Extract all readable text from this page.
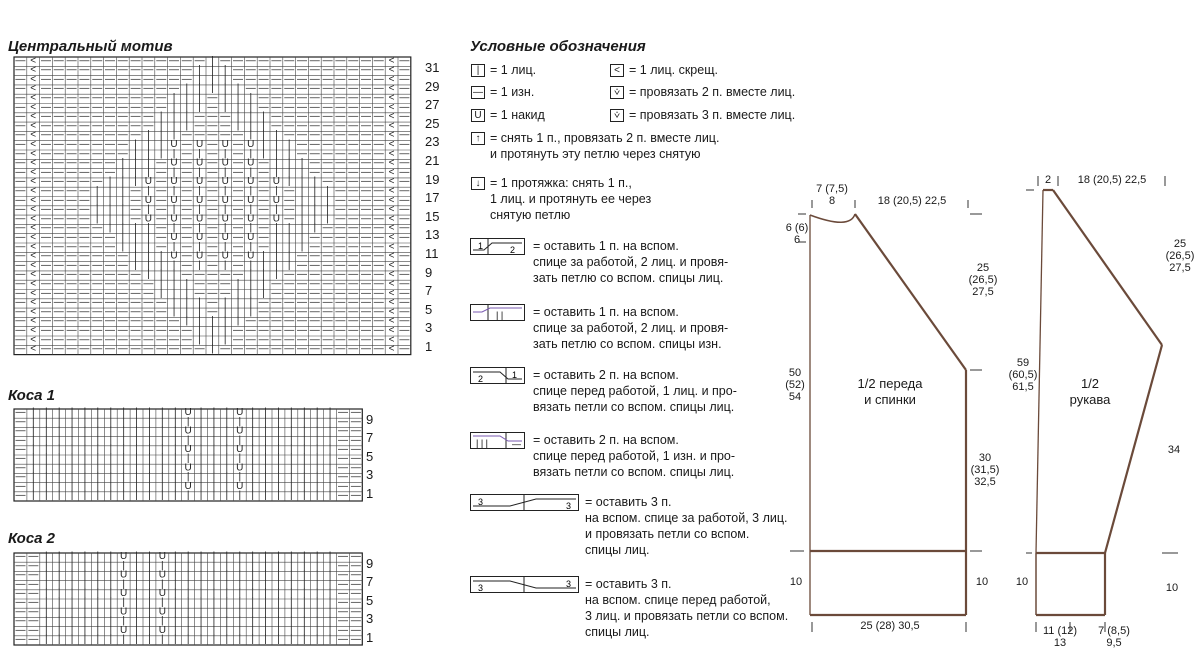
Центральный мотив
Коса 1
Коса 2
Условные обозначения
— < — — — — — — — — — — — — — | — — — — — — — — — — — — — < —
— < — — — — — — — — — — — — | | | — — — — — — — — — — — — < —
— < — — — — — — — — — — — — | | | — — — — — — — — — — — — < —
— < — — — — — — — — — — — | | | | | — — — — — — — — — — — < —
— < — — — — — — — — — — | | | — | | | — — — — — — — — — — < —
— < — — — — — — — — — — | | | — | | | — — — — — — — — — — < —
— < — — — — — — — — — | | | — — — | | | — — — — — — — — — < —
— < — — — — — — — — — | | | — — — | | | — — — — — — — — — < —
— < — — — — — — — — | | | — — — — — | | | — — — — — — — — < —
— < — — — — — — — | | | U — U — U — U | | | — — — — — — — < —
— < — — — — — — — | | | | — | — | — | | | | — — — — — — — < —
— < — — — — — — | | | — U — U — U — U — | | | — — — — — — < —
— < — — — — — — | | | — | — | — | — | — | | | — — — — — — < —
— < — — — — — | | | U — U — U — U — U — U | | | — — — — — < —
— < — — — — | | | — | — | — | — | — | — | — | | | — — — — < —
— < — — — — | | | — U — U — U — U — U — U — | | | — — — — < —
— < — — — — | | | — | — | — | — | — | — | — | | | — — — — < —
— < — — — — | | | — U — U — U — U — U — U — | | | — — — — < —
— < — — — — — | | | | — | — | — | — | — | | | | — — — — — < —
— < — — — — — — | | | — U — U — U — U — | | | — — — — — — < —
— < — — — — — — | | | — | — | — | — | — | | | — — — — — — < —
— < — — — — — — — | | | U — U — U — U | | | — — — — — — — < —
— < — — — — — — — | | | | — | — | — | | | | — — — — — — — < —
— < — — — — — — — — | | | — — — — — | | | — — — — — — — — < —
— < — — — — — — — — — | | | — — — | | | — — — — — — — — — < —
— < — — — — — — — — — | | | — — — | | | — — — — — — — — — < —
— < — — — — — — — — — — | | | — | | | — — — — — — — — — — < —
— < — — — — — — — — — — | | | — | | | — — — — — — — — — — < —
— < — — — — — — — — — — — | | | | | — — — — — — — — — — — < —
— < — — — — — — — — — — — — | | | — — — — — — — — — — — — < —
— < — — — — — — — — — — — — | | | — — — — — — — — — — — — < —
— < — — — — — — — — — — — — — | — — — — — — — — — — — — — < —
— | | | | | | | | | | | | U | | | U | | | | | | | — —
— | | | | | | | | | | | | | | | | | | | | | | | | — —
— | | | | | | | | | | | | U | | | U | | | | | | | — —
— | | | | | | | | | | | | | | | | | | | | | | | | — —
— | | | | | | | | | | | | U | | | U | | | | | | | — —
— | | | | | | | | | | | | | | | | | | | | | | | | — —
— | | | | | | | | | | | | U | | | U | | | | | | | — —
— | | | | | | | | | | | | | | | | | | | | | | | | — —
— | | | | | | | | | | | | U | | | U | | | | | | | — —
— | | | | | | | | | | | | | | | | | | | | | | | | — —
— — | | | | | | U | | U | | | | | | | | | | | | | — —
— — | | | | | | | | | | | | | | | | | | | | | | | — —
— — | | | | | | U | | U | | | | | | | | | | | | | — —
— — | | | | | | | | | | | | | | | | | | | | | | | — —
— — | | | | | | U | | U | | | | | | | | | | | | | — —
— — | | | | | | | | | | | | | | | | | | | | | | | — —
— — | | | | | | U | | U | | | | | | | | | | | | | — —
— — | | | | | | | | | | | | | | | | | | | | | | | — —
— — | | | | | | U | | U | | | | | | | | | | | | | — —
— — | | | | | | | | | | | | | | | | | | | | | | | — —
31
29
27
25
23
21
19
17
15
13
11
9
7
5
3
1
9
7
5
3
1
9
7
5
3
1
| = 1 лиц.	< = 1 лиц. скрещ.
— = 1 изн.	⩒ = провязать 2 п. вместе лиц.
U = 1 накид	⩒ = провязать 3 п. вместе лиц.
↑ = снять 1 п., провязать 2 п. вместе лиц.
и протянуть эту петлю через снятую
↓ = 1 протяжка: снять 1 п.,
1 лиц. и протянуть ее через
снятую петлю
1	2 = оставить 1 п. на вспом.
спице за работой, 2 лиц. и провя-
зать петлю со вспом. спицы лиц.
| | = оставить 1 п. на вспом.
спице за работой, 2 лиц. и провя-
зать петлю со вспом. спицы изн.
2	1 = оставить 2 п. на вспом.
спице перед работой, 1 лиц. и про-
вязать петли со вспом. спицы лиц.
| | |	— = оставить 2 п. на вспом.
спице перед работой, 1 изн. и про-
вязать петли со вспом. спицы лиц.
3	3 = оставить 3 п.
на вспом. спице за работой, 3 лиц.
и провязать петли со вспом.
спицы лиц.
3	3 = оставить 3 п.
на вспом. спице перед работой,
3 лиц. и провязать петли со вспом.
спицы лиц.
7 (7,5)
8	18 (20,5) 22,5
6 (6)
6
25
(26,5)
27,5
50
(52)
54
1/2 переда
и спинки
30
(31,5)
32,5
10	10
25 (28) 30,5
2	18 (20,5) 22,5
25
(26,5)
27,5
59
(60,5)
61,5	1/2
рукава
34
10	10
11 (12)
13
7 (8,5)
9,5
